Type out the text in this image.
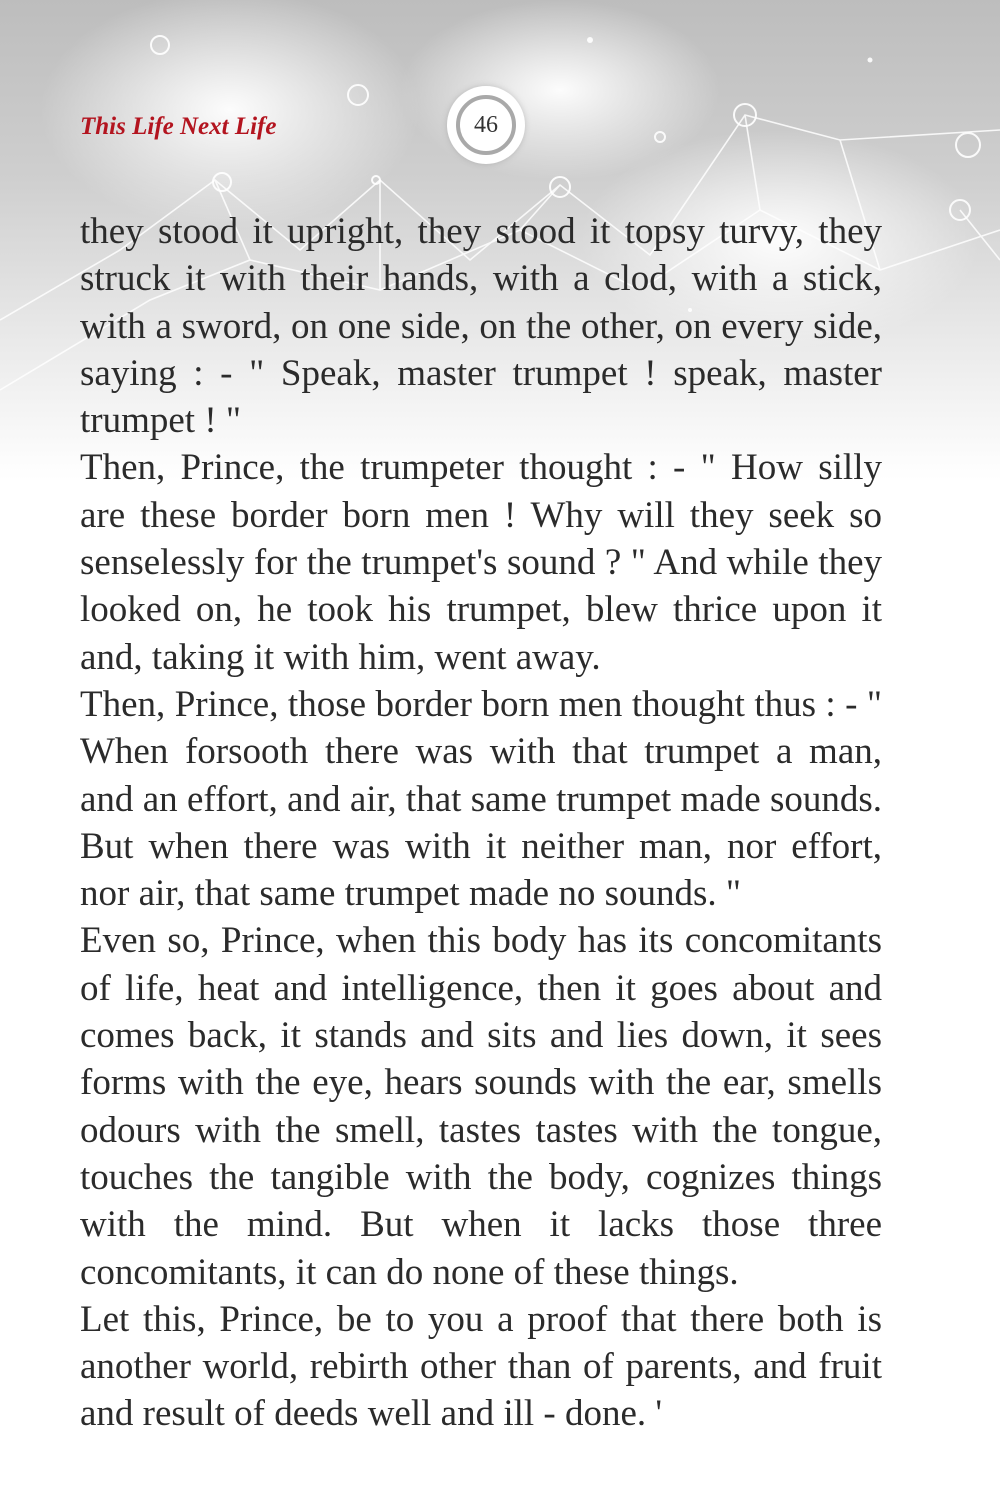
This Life Next Life	46

they stood it upright, they stood it topsy turvy, they struck it with their hands, with a clod, with a stick, with a sword, on one side, on the other, on every side, saying : - " Speak, master trumpet ! speak, master trumpet ! "

Then, Prince, the trumpeter thought : - " How silly are these border born men ! Why will they seek so senselessly for the trumpet's sound ? " And while they looked on, he took his trumpet, blew thrice upon it and, taking it with him, went away.

Then, Prince, those border born men thought thus : - " When forsooth there was with that trumpet a man, and an effort, and air, that same trumpet made sounds. But when there was with it neither man, nor effort, nor air, that same trumpet made no sounds. "

Even so, Prince, when this body has its concomitants of life, heat and intelligence, then it goes about and comes back, it stands and sits and lies down, it sees forms with the eye, hears sounds with the ear, smells odours with the smell, tastes tastes with the tongue, touches the tangible with the body, cognizes things with the mind. But when it lacks those three concomitants, it can do none of these things.

Let this, Prince, be to you a proof that there both is another world, rebirth other than of parents, and fruit and result of deeds well and ill - done. '
